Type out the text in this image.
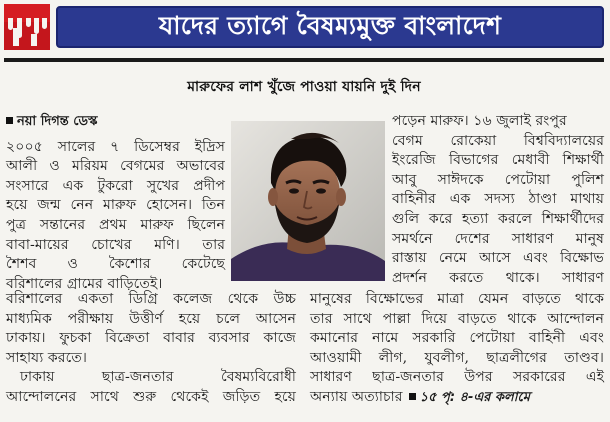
যাদের ত্যাগে বৈষম্যমুক্ত বাংলাদেশ
মারুফের লাশ খুঁজে পাওয়া যায়নি দুই দিন
নয়া দিগন্ত ডেস্ক
২০০৫ সালের ৭ ডিসেম্বর ইদ্রিস
আলী ও মরিয়ম বেগমের অভাবের
সংসারে এক টুকরো সুখের প্রদীপ
হয়ে জন্ম নেন মারুফ হোসেন। তিন
পুত্র সন্তানের প্রথম মারুফ ছিলেন
বাবা-মায়ের চোখের মণি। তার
শৈশব ও কৈশোর কেটেছে
বরিশালের গ্রামের বাড়িতেই।
বরিশালের একতা ডিগ্রি কলেজ থেকে উচ্চ
মাধ্যমিক পরীক্ষায় উত্তীর্ণ হয়ে চলে আসেন
ঢাকায়। ফুচকা বিক্রেতা বাবার ব্যবসার কাজে
সাহায্য করতে।
ঢাকায় ছাত্র-জনতার বৈষম্যবিরোধী
আন্দোলনের সাথে শুরু থেকেই জড়িত হয়ে
পড়েন মারুফ। ১৬ জুলাই রংপুর
বেগম রোকেয়া বিশ্ববিদ্যালয়ের
ইংরেজি বিভাগের মেধাবী শিক্ষার্থী
আবু সাঈদকে পেটোয়া পুলিশ
বাহিনীর এক সদস্য ঠাণ্ডা মাথায়
গুলি করে হত্যা করলে শিক্ষার্থীদের
সমর্থনে দেশের সাধারণ মানুষ
রাস্তায় নেমে আসে এবং বিক্ষোভ
প্রদর্শন করতে থাকে। সাধারণ
মানুষের বিক্ষোভের মাত্রা যেমন বাড়তে থাকে
তার সাথে পাল্লা দিয়ে বাড়তে থাকে আন্দোলন
কমানোর নামে সরকারি পেটোয়া বাহিনী এবং
আওয়ামী লীগ, যুবলীগ, ছাত্রলীগের তাণ্ডব।
সাধারণ ছাত্র-জনতার উপর সরকারের এই
অন্যায় অত্যাচার ১৫ পৃ: ৪-এর কলামে
